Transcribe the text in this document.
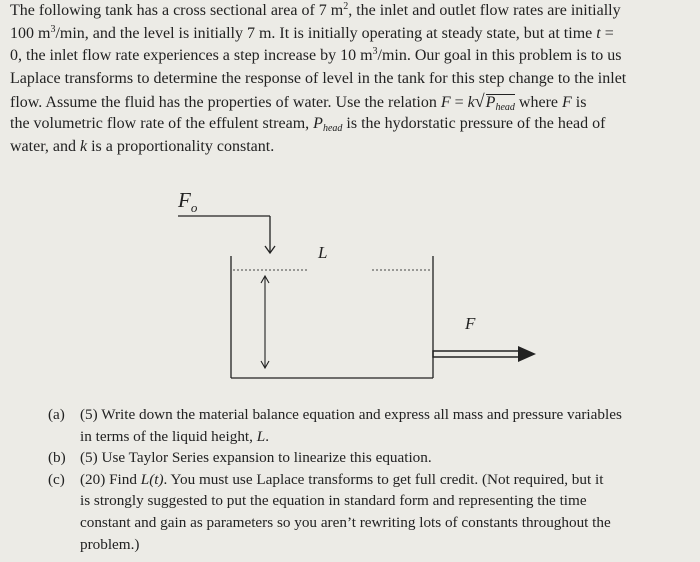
The following tank has a cross sectional area of 7 $m^2$, the inlet and outlet flow rates are initially
100 $m^3/\min$, and the level is initially 7 m. It is initially operating at steady state, but at time t =
0, the inlet flow rate experiences a step increase by 10 $m^3/\min$. Our goal in this problem is to us
Laplace transforms to determine the response of level in the tank for this step change to the inlet
flow. Assume the fluid has the properties of water. Use the relation $F = k√P_{head}$ where F is
the volumetric flow rate of the effulent stream, $P_{head}$ is the hydorstatic pressure of the head of
water, and k is a proportionality constant.
$F_o$
L
F
(a) (5) Write down the material balance equation and express all mass and pressure variables
in terms of the liquid height, L.
(b) (5) Use Taylor Series expansion to linearize this equation.
(c) (20) Find L(t). You must use Laplace transforms to get full credit. (Not required, but it
is strongly suggested to put the equation in standard form and representing the time
constant and gain as parameters so you aren’t rewriting lots of constants throughout the
problem.)
